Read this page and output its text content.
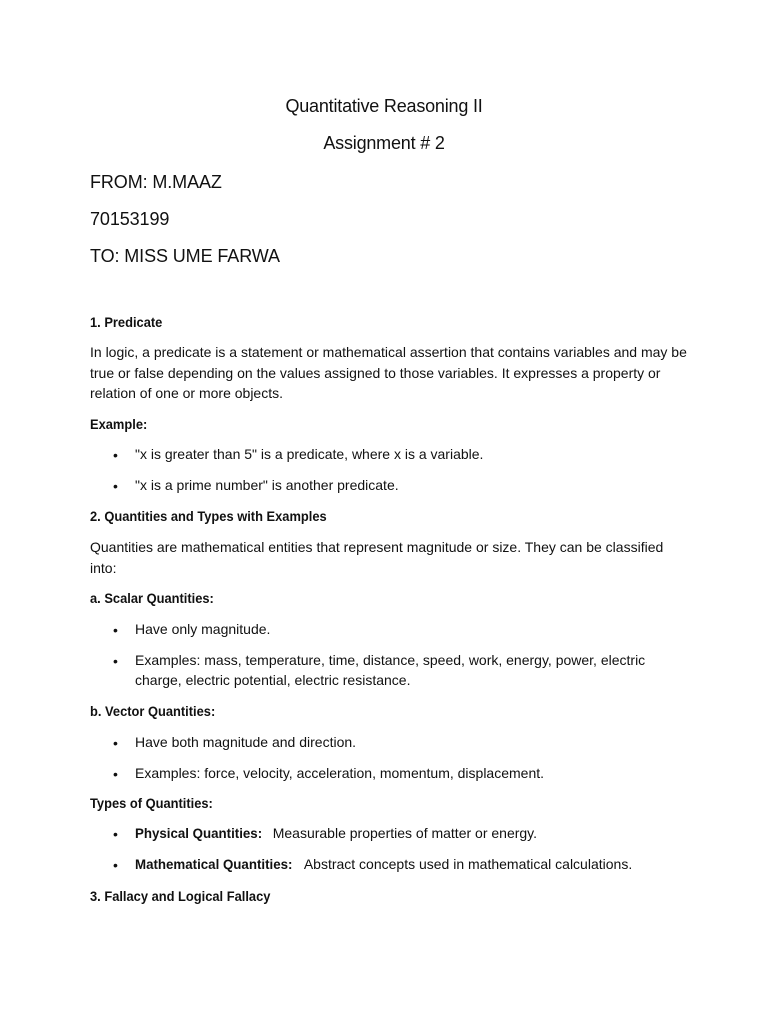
Quantitative Reasoning II
Assignment # 2
FROM: M.MAAZ
70153199
TO: MISS UME FARWA
1. Predicate

In logic, a predicate is a statement or mathematical assertion that contains variables and may be true or false depending on the values assigned to those variables. It expresses a property or relation of one or more objects.

Example:
• "x is greater than 5" is a predicate, where x is a variable.
• "x is a prime number" is another predicate.
2. Quantities and Types with Examples

Quantities are mathematical entities that represent magnitude or size. They can be classified into:

a. Scalar Quantities:
• Have only magnitude.
• Examples: mass, temperature, time, distance, speed, work, energy, power, electric charge, electric potential, electric resistance.
b. Vector Quantities:
• Have both magnitude and direction.
• Examples: force, velocity, acceleration, momentum, displacement.
Types of Quantities:
• Physical Quantities: Measurable properties of matter or energy.
• Mathematical Quantities: Abstract concepts used in mathematical calculations.
3. Fallacy and Logical Fallacy
